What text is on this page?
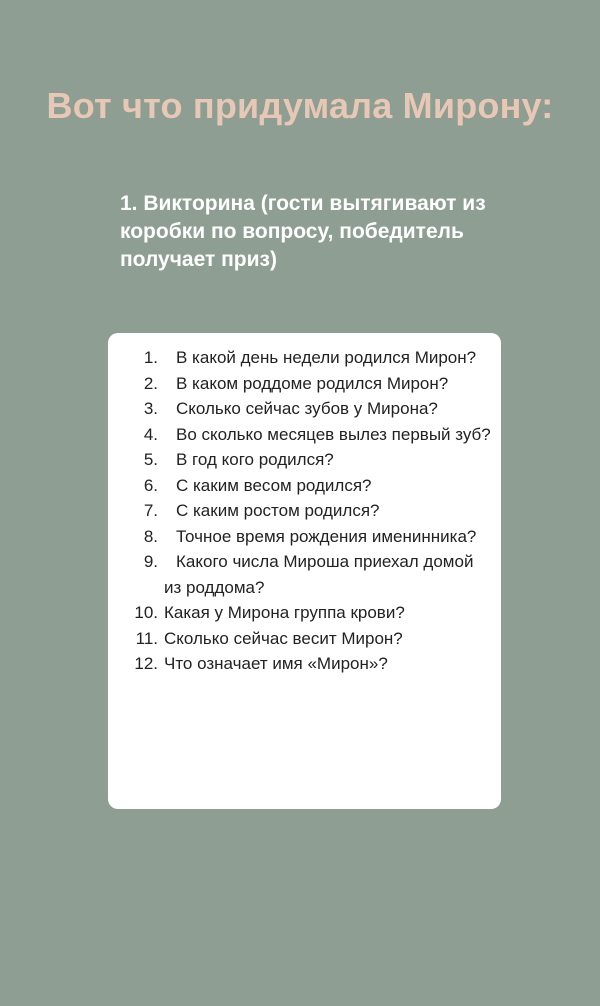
Вот что придумала Мирону:
1. Викторина (гости вытягивают из коробки по вопросу, победитель получает приз)
1.	В какой день недели родился Мирон?
2.	В каком роддоме родился Мирон?
3.	Сколько сейчас зубов у Мирона?
4.	Во сколько месяцев вылез первый зуб?
5.	В год кого родился?
6.	С каким весом родился?
7.	С каким ростом родился?
8.	Точное время рождения именинника?
9.	Какого числа Мироша приехал домой из роддома?
10. Какая у Мирона группа крови?
11. Сколько сейчас весит Мирон?
12. Что означает имя «Мирон»?
